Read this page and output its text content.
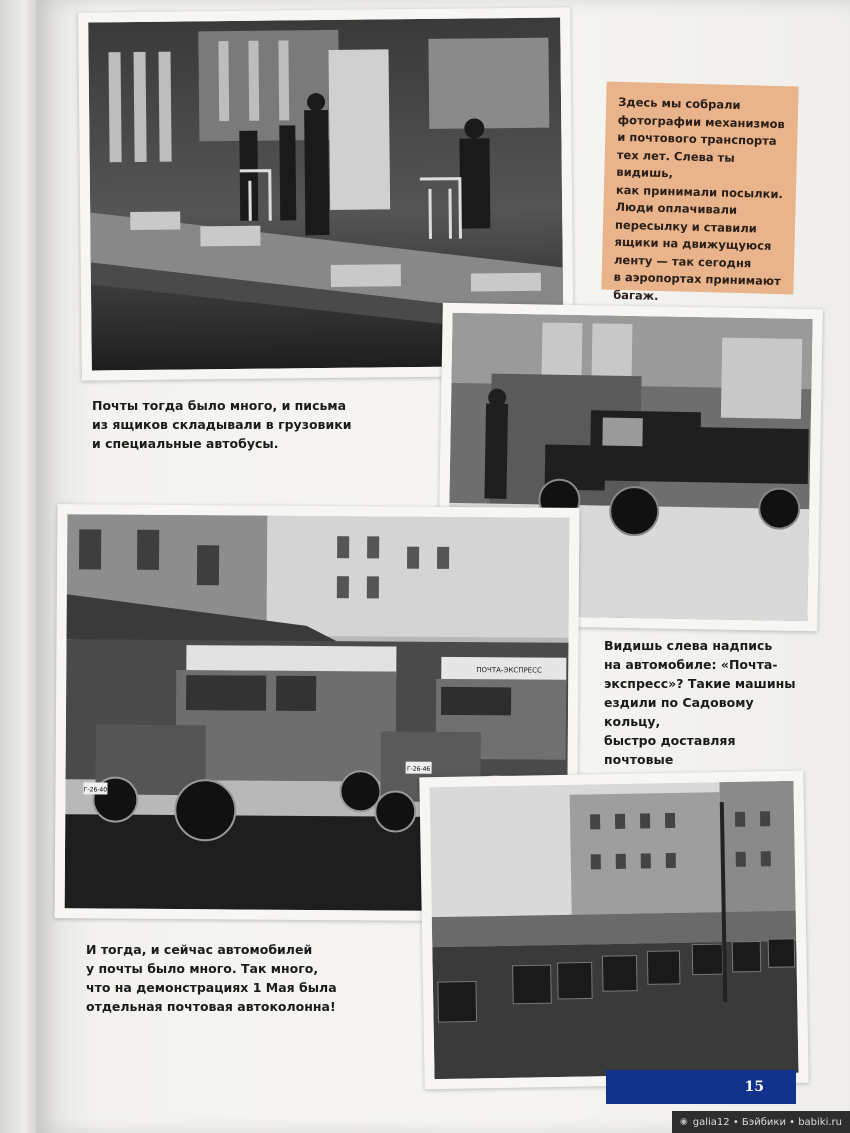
Здесь мы собрали
фотографии механизмов
и почтового транспорта
тех лет. Слева ты видишь,
как принимали посылки.
Люди оплачивали
пересылку и ставили
ящики на движущуюся
ленту — так сегодня
в аэропортах принимают
багаж.
Почты тогда было много, и письма
из ящиков складывали в грузовики
и специальные автобусы.
Г-26-40
ПОЧТА-ЭКСПРЕСС
Г-26-46
Видишь слева надпись
на автомобиле: «Почта-
экспресс»? Такие машины
ездили по Садовому кольцу,
быстро доставляя почтовые

И тогда, и сейчас автомобилей
у почты было много. Так много,
что на демонстрациях 1 Мая была
отдельная почтовая автоколонна!
15
◉ galia12 • Бэйбики • babiki.ru
